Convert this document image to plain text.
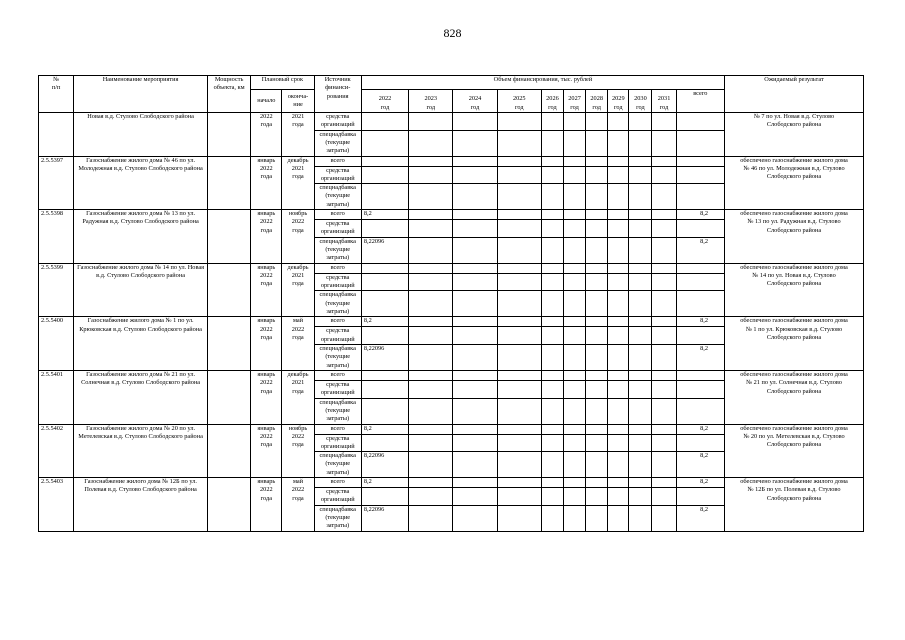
828
№
п/п	Наименование мероприятия	Мощность объекта, км	Плановый срок		Источник
финанси-
рования	Объем финансирования, тыс. рублей											Ожидаемый результат
			начало	оконча-
ние		2022
год	2023
год	2024
год	2025
год	2026
год	2027
год	2028
год	2029
год	2030
год	2031
год	всего	
	Новая в.д. Стулово Слободского района		2022
года	2021
года	средства
организаций												№ 7 по ул. Новая в.д. Стулово
Слободского района
					спецнадбавка
(текущие
затраты)												
2.5.5397	Газоснабжение жилого дома № 46 по ул. Молодежная в.д. Стулово Слободского района		январь
2022
года	декабрь
2021
года	всего												обеспечено газоснабжение жилого дома
№ 46 по ул. Молодежная в.д. Стулово
Слободского района
					средства
организаций												
					спецнадбавка
(текущие
затраты)												
2.5.5398	Газоснабжение жилого дома № 13 по ул. Радужная в.д. Стулово Слободского района		январь
2022
года	ноябрь
2022
года	всего	8,2										8,2	обеспечено газоснабжение жилого дома
№ 13 по ул. Радужная в.д. Стулово
Слободского района
					средства
организаций												
					спецнадбавка
(текущие
затраты)	8,22096										8,2	
2.5.5399	Газоснабжение жилого дома № 14 по ул. Новая в.д. Стулово Слободского района		январь
2022
года	декабрь
2021
года	всего												обеспечено газоснабжение жилого дома
№ 14 по ул. Новая в.д. Стулово
Слободского района
					средства
организаций												
					спецнадбавка
(текущие
затраты)												
2.5.5400	Газоснабжение жилого дома № 1 по ул. Крюковская в.д. Стулово Слободского района		январь
2022
года	май
2022
года	всего	8,2										8,2	обеспечено газоснабжение жилого дома
№ 1 по ул. Крюковская в.д. Стулово
Слободского района
					средства
организаций												
					спецнадбавка
(текущие
затраты)	8,22096										8,2	
2.5.5401	Газоснабжение жилого дома № 21 по ул. Солнечная в.д. Стулово Слободского района		январь
2022
года	декабрь
2021
года	всего												обеспечено газоснабжение жилого дома
№ 21 по ул. Солнечная в.д. Стулово
Слободского района
					средства
организаций												
					спецнадбавка
(текущие
затраты)												
2.5.5402	Газоснабжение жилого дома № 20 по ул. Метелевская в.д. Стулово Слободского района		январь
2022
года	ноябрь
2022
года	всего	8,2										8,2	обеспечено газоснабжение жилого дома
№ 20 по ул. Метелевская в.д. Стулово
Слободского района
					средства
организаций												
					спецнадбавка
(текущие
затраты)	8,22096										8,2	
2.5.5403	Газоснабжение жилого дома № 12Б по ул. Полевая в.д. Стулово Слободского района		январь
2022
года	май
2022
года	всего	8,2										8,2	обеспечено газоснабжение жилого дома
№ 12Б по ул. Полевая в.д. Стулово
Слободского района
					средства
организаций												
					спецнадбавка
(текущие
затраты)	8,22096										8,2	
